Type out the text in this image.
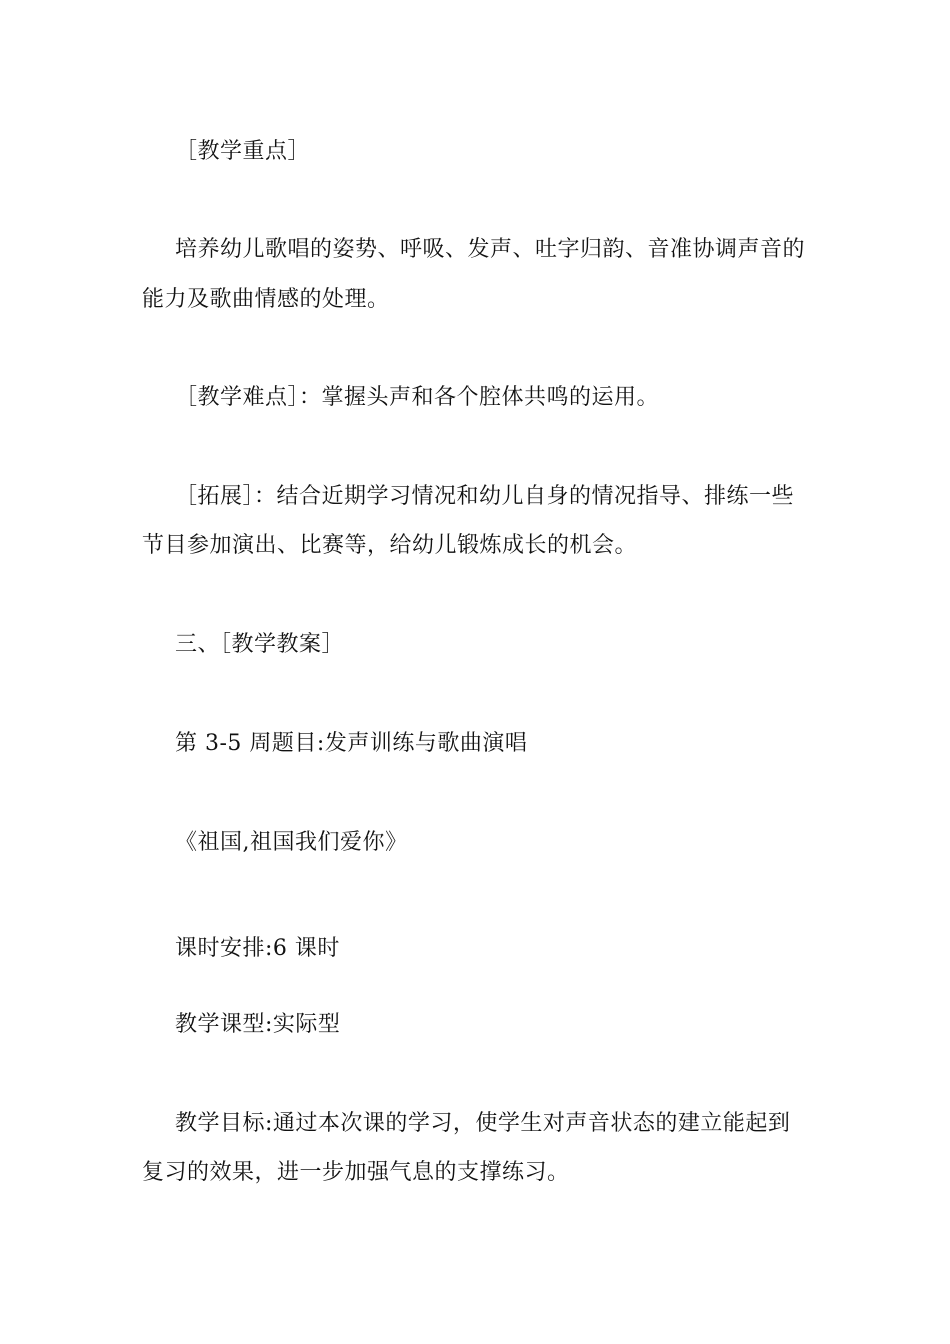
［教学重点］
培养幼儿歌唱的姿势、呼吸、发声、吐字归韵、音准协调声音的
能力及歌曲情感的处理。
［教学难点］：掌握头声和各个腔体共鸣的运用。
［拓展］：结合近期学习情况和幼儿自身的情况指导、排练一些
节目参加演出、比赛等，给幼儿锻炼成长的机会。
三、［教学教案］
第 3-5 周题目:发声训练与歌曲演唱
《祖国,祖国我们爱你》
课时安排:6 课时
教学课型:实际型
教学目标:通过本次课的学习，使学生对声音状态的建立能起到
复习的效果，进一步加强气息的支撑练习。
